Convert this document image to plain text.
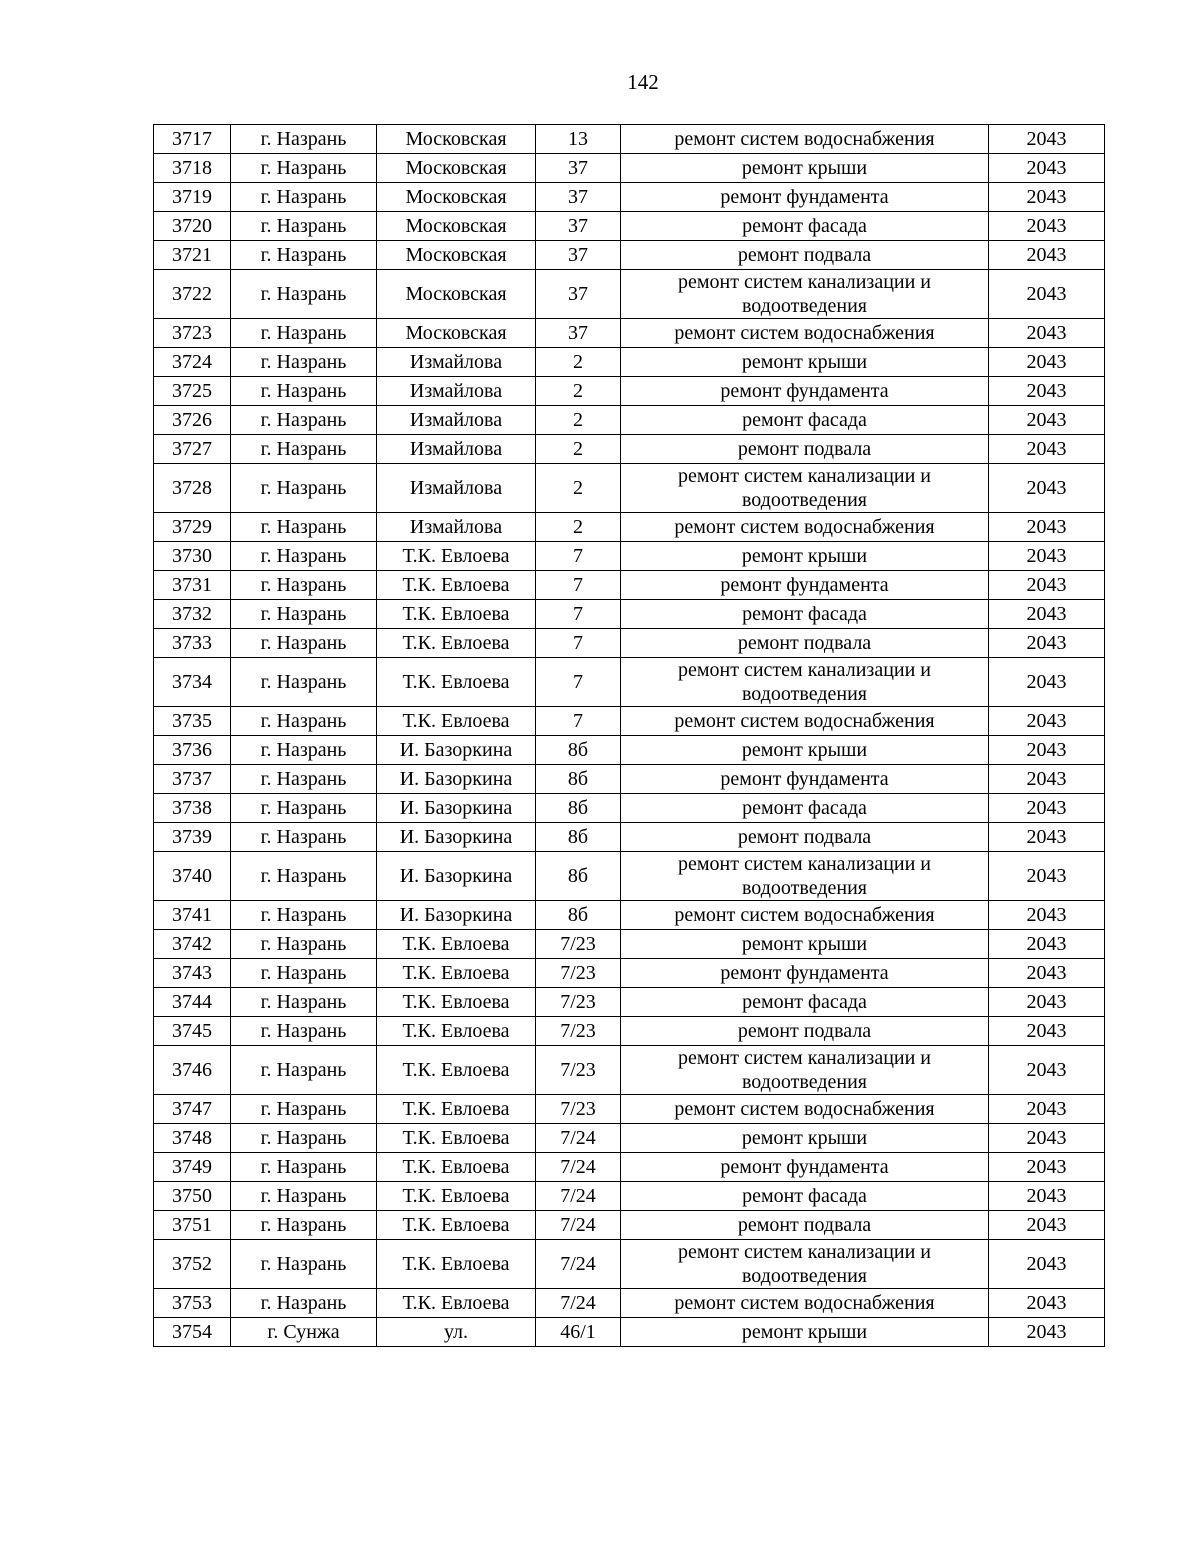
142
3717	г. Назрань	Московская	13	ремонт систем водоснабжения	2043
3718	г. Назрань	Московская	37	ремонт крыши	2043
3719	г. Назрань	Московская	37	ремонт фундамента	2043
3720	г. Назрань	Московская	37	ремонт фасада	2043
3721	г. Назрань	Московская	37	ремонт подвала	2043
3722	г. Назрань	Московская	37	ремонт систем канализации и водоотведения	2043
3723	г. Назрань	Московская	37	ремонт систем водоснабжения	2043
3724	г. Назрань	Измайлова	2	ремонт крыши	2043
3725	г. Назрань	Измайлова	2	ремонт фундамента	2043
3726	г. Назрань	Измайлова	2	ремонт фасада	2043
3727	г. Назрань	Измайлова	2	ремонт подвала	2043
3728	г. Назрань	Измайлова	2	ремонт систем канализации и водоотведения	2043
3729	г. Назрань	Измайлова	2	ремонт систем водоснабжения	2043
3730	г. Назрань	Т.К. Евлоева	7	ремонт крыши	2043
3731	г. Назрань	Т.К. Евлоева	7	ремонт фундамента	2043
3732	г. Назрань	Т.К. Евлоева	7	ремонт фасада	2043
3733	г. Назрань	Т.К. Евлоева	7	ремонт подвала	2043
3734	г. Назрань	Т.К. Евлоева	7	ремонт систем канализации и водоотведения	2043
3735	г. Назрань	Т.К. Евлоева	7	ремонт систем водоснабжения	2043
3736	г. Назрань	И. Базоркина	8б	ремонт крыши	2043
3737	г. Назрань	И. Базоркина	8б	ремонт фундамента	2043
3738	г. Назрань	И. Базоркина	8б	ремонт фасада	2043
3739	г. Назрань	И. Базоркина	8б	ремонт подвала	2043
3740	г. Назрань	И. Базоркина	8б	ремонт систем канализации и водоотведения	2043
3741	г. Назрань	И. Базоркина	8б	ремонт систем водоснабжения	2043
3742	г. Назрань	Т.К. Евлоева	7/23	ремонт крыши	2043
3743	г. Назрань	Т.К. Евлоева	7/23	ремонт фундамента	2043
3744	г. Назрань	Т.К. Евлоева	7/23	ремонт фасада	2043
3745	г. Назрань	Т.К. Евлоева	7/23	ремонт подвала	2043
3746	г. Назрань	Т.К. Евлоева	7/23	ремонт систем канализации и водоотведения	2043
3747	г. Назрань	Т.К. Евлоева	7/23	ремонт систем водоснабжения	2043
3748	г. Назрань	Т.К. Евлоева	7/24	ремонт крыши	2043
3749	г. Назрань	Т.К. Евлоева	7/24	ремонт фундамента	2043
3750	г. Назрань	Т.К. Евлоева	7/24	ремонт фасада	2043
3751	г. Назрань	Т.К. Евлоева	7/24	ремонт подвала	2043
3752	г. Назрань	Т.К. Евлоева	7/24	ремонт систем канализации и водоотведения	2043
3753	г. Назрань	Т.К. Евлоева	7/24	ремонт систем водоснабжения	2043
3754	г. Сунжа	ул.	46/1	ремонт крыши	2043
